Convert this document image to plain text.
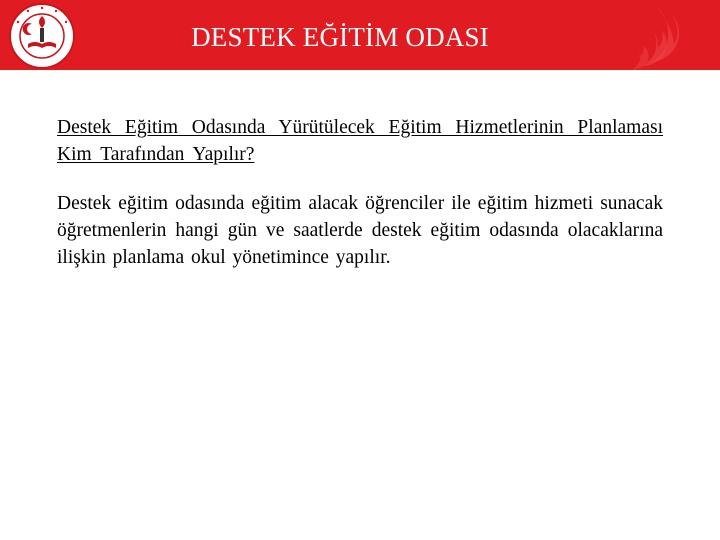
DESTEK EĞİTİM ODASI

Destek Eğitim Odasında Yürütülecek Eğitim Hizmetlerinin Planlaması Kim Tarafından Yapılır?

Destek eğitim odasında eğitim alacak öğrenciler ile eğitim hizmeti sunacak öğretmenlerin hangi gün ve saatlerde destek eğitim odasında olacaklarına ilişkin planlama okul yönetimince yapılır.
